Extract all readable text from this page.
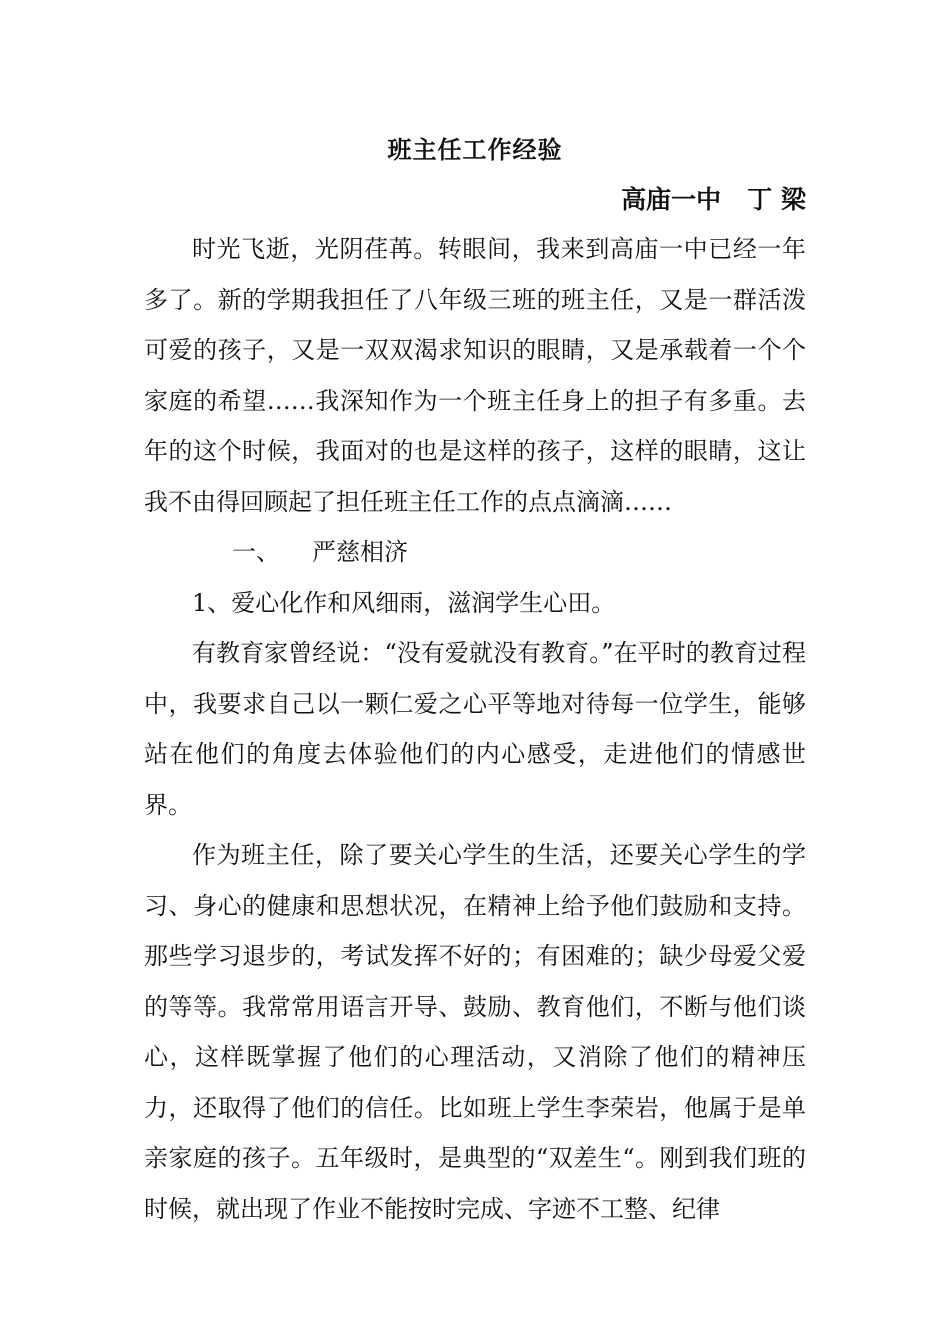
班主任工作经验
高庙一中   丁 梁

时光飞逝，光阴荏苒。转眼间，我来到高庙一中已经一年多了。新的学期我担任了八年级三班的班主任，又是一群活泼可爱的孩子，又是一双双渴求知识的眼睛，又是承载着一个个家庭的希望……我深知作为一个班主任身上的担子有多重。去年的这个时候，我面对的也是这样的孩子，这样的眼睛，这让我不由得回顾起了担任班主任工作的点点滴滴……

一、 严慈相济

1、爱心化作和风细雨，滋润学生心田。

有教育家曾经说：“没有爱就没有教育。”在平时的教育过程中，我要求自己以一颗仁爱之心平等地对待每一位学生，能够站在他们的角度去体验他们的内心感受，走进他们的情感世界。

作为班主任，除了要关心学生的生活，还要关心学生的学习、身心的健康和思想状况，在精神上给予他们鼓励和支持。那些学习退步的，考试发挥不好的；有困难的；缺少母爱父爱的等等。我常常用语言开导、鼓励、教育他们，不断与他们谈心，这样既掌握了他们的心理活动，又消除了他们的精神压力，还取得了他们的信任。比如班上学生李荣岩，他属于是单亲家庭的孩子。五年级时，是典型的“双差生“。刚到我们班的时候，就出现了作业不能按时完成、字迹不工整、纪律
